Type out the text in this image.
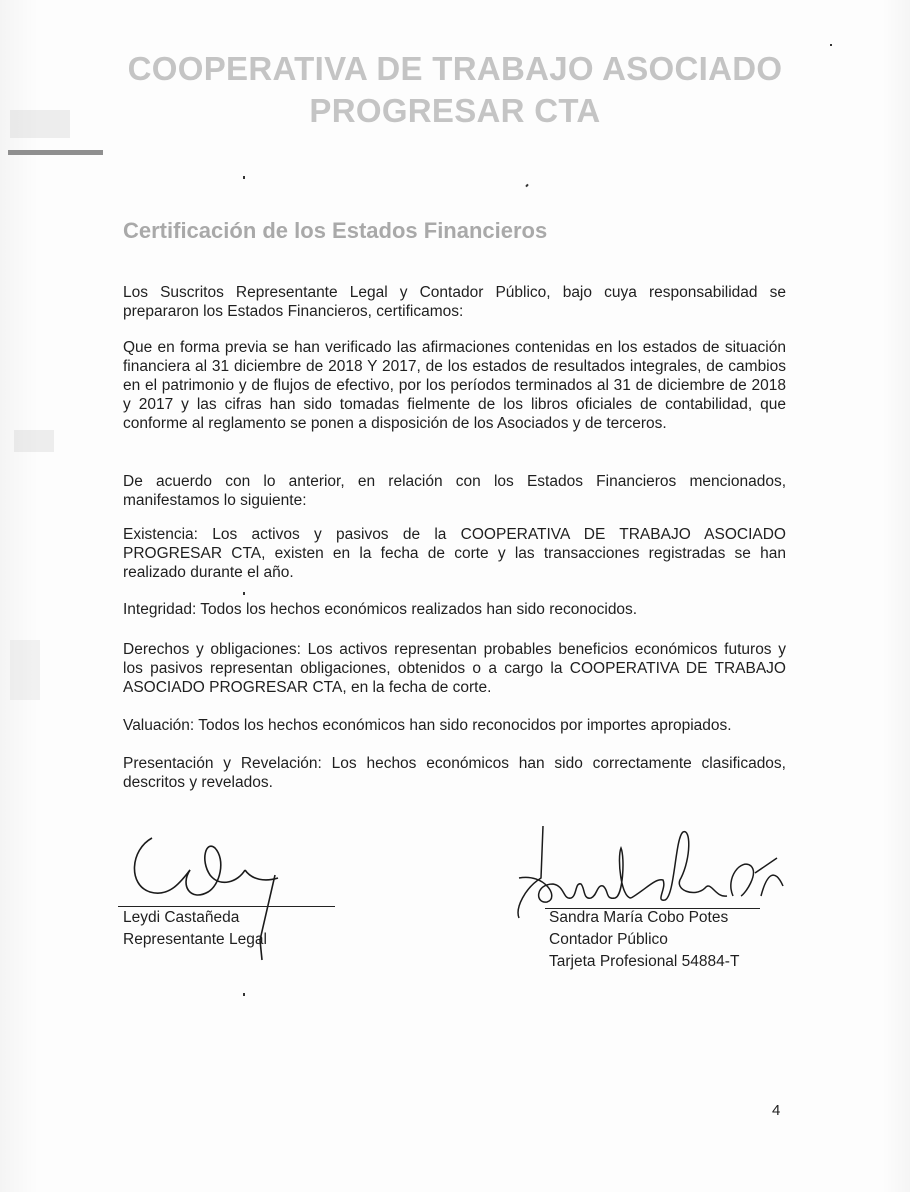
COOPERATIVA DE TRABAJO ASOCIADO
PROGRESAR CTA
Certificación de los Estados Financieros
Los Suscritos Representante Legal y Contador Público, bajo cuya responsabilidad se prepararon los Estados Financieros, certificamos:
Que en forma previa se han verificado las afirmaciones contenidas en los estados de situación financiera al 31 diciembre de 2018 Y 2017, de los estados de resultados integrales, de cambios en el patrimonio y de flujos de efectivo, por los períodos terminados al 31 de diciembre de 2018 y 2017 y las cifras han sido tomadas fielmente de los libros oficiales de contabilidad, que conforme al reglamento se ponen a disposición de los Asociados y de terceros.
De acuerdo con lo anterior, en relación con los Estados Financieros mencionados, manifestamos lo siguiente:
Existencia: Los activos y pasivos de la COOPERATIVA DE TRABAJO ASOCIADO PROGRESAR CTA, existen en la fecha de corte y las transacciones registradas se han realizado durante el año.
Integridad: Todos los hechos económicos realizados han sido reconocidos.
Derechos y obligaciones: Los activos representan probables beneficios económicos futuros y los pasivos representan obligaciones, obtenidos o a cargo la COOPERATIVA DE TRABAJO ASOCIADO PROGRESAR CTA, en la fecha de corte.
Valuación: Todos los hechos económicos han sido reconocidos por importes apropiados.
Presentación y Revelación: Los hechos económicos han sido correctamente clasificados, descritos y revelados.
Leydi Castañeda
Representante Legal
Sandra María Cobo Potes
Contador Público
Tarjeta Profesional 54884-T
4
